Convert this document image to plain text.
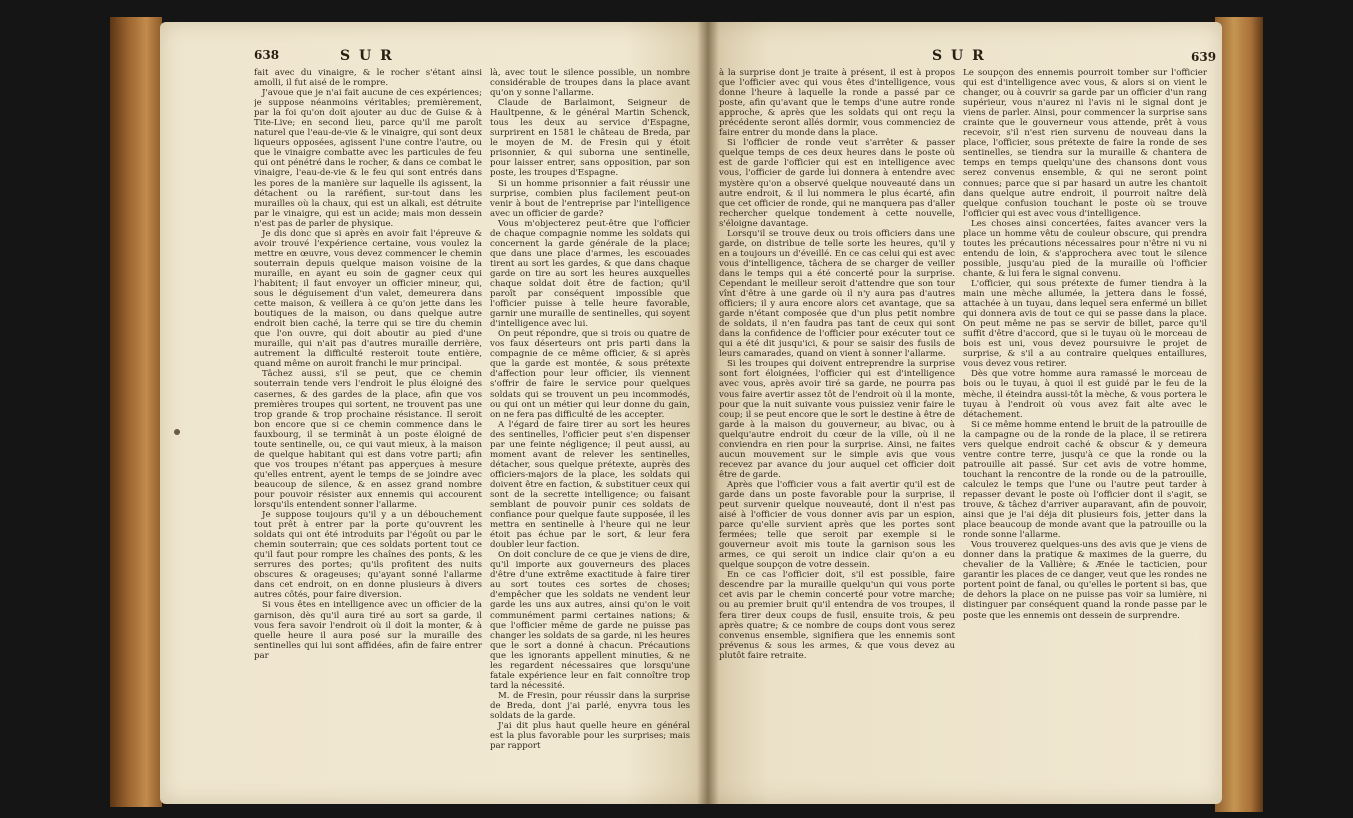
638	S U R

fait avec du vinaigre, & le rocher s'étant ainsi amolli, il fut aisé de le rompre.

J'avoue que je n'ai fait aucune de ces expériences; je suppose néanmoins véritables; premièrement, par la foi qu'on doit ajouter au duc de Guise & à Tite-Live; en second lieu, parce qu'il me paroît naturel que l'eau-de-vie & le vinaigre, qui sont deux liqueurs opposées, agissent l'une contre l'autre, ou que le vinaigre combatte avec les particules de feu qui ont pénétré dans le rocher, & dans ce combat le vinaigre, l'eau-de-vie & le feu qui sont entrés dans les pores de la manière sur laquelle ils agissent, la détachent ou la raréfient, sur-tout dans les murailles où la chaux, qui est un alkali, est détruite par le vinaigre, qui est un acide; mais mon dessein n'est pas de parler de physique.

Je dis donc que si après en avoir fait l'épreuve & avoir trouvé l'expérience certaine, vous voulez la mettre en œuvre, vous devez commencer le chemin souterrain depuis quelque maison voisine de la muraille, en ayant eu soin de gagner ceux qui l'habitent; il faut envoyer un officier mineur, qui, sous le déguisement d'un valet, demeurera dans cette maison, & veillera à ce qu'on jette dans les boutiques de la maison, ou dans quelque autre endroit bien caché, la terre qui se tire du chemin que l'on ouvre, qui doit aboutir au pied d'une muraille, qui n'ait pas d'autres muraille derrière, autrement la difficulté resteroit toute entière, quand même on auroit franchi le mur principal.

Tâchez aussi, s'il se peut, que ce chemin souterrain tende vers l'endroit le plus éloigné des casernes, & des gardes de la place, afin que vos premières troupes qui sortent, ne trouvent pas une trop grande & trop prochaine résistance. Il seroit bon encore que si ce chemin commence dans le fauxbourg, il se terminât à un poste éloigné de toute sentinelle, ou, ce qui vaut mieux, à la maison de quelque habitant qui est dans votre parti; afin que vos troupes n'étant pas apperçues à mesure qu'elles entrent, ayent le temps de se joindre avec beaucoup de silence, & en assez grand nombre pour pouvoir résister aux ennemis qui accourent lorsqu'ils entendent sonner l'allarme.

Je suppose toujours qu'il y a un débouchement tout prêt à entrer par la porte qu'ouvrent les soldats qui ont été introduits par l'égoût ou par le chemin souterrain; que ces soldats portent tout ce qu'il faut pour rompre les chaînes des ponts, & les serrures des portes; qu'ils profitent des nuits obscures & orageuses; qu'ayant sonné l'allarme dans cet endroit, on en donne plusieurs à divers autres côtés, pour faire diversion.

Si vous êtes en intelligence avec un officier de la garnison, dès qu'il aura tiré au sort sa garde, il vous fera savoir l'endroit où il doit la monter, & à quelle heure il aura posé sur la muraille des sentinelles qui lui sont affidées, afin de faire entrer par

là, avec tout le silence possible, un nombre considérable de troupes dans la place avant qu'on y sonne l'allarme.

Claude de Barlaimont, Seigneur de Haultpenne, & le général Martin Schenck, tous les deux au service d'Espagne, surprirent en 1581 le château de Breda, par le moyen de M. de Fresin qui y étoit prisonnier, & qui suborna une sentinelle, pour laisser entrer, sans opposition, par son poste, les troupes d'Espagne.

Si un homme prisonnier a fait réussir une surprise, combien plus facilement peut-on venir à bout de l'entreprise par l'intelligence avec un officier de garde?

Vous m'objecterez peut-être que l'officier de chaque compagnie nomme les soldats qui concernent la garde générale de la place; que dans une place d'armes, les escouades tirent au sort les gardes, & que dans chaque garde on tire au sort les heures auxquelles chaque soldat doit être de faction; qu'il paroît par conséquent impossible que l'officier puisse à telle heure favorable, garnir une muraille de sentinelles, qui soyent d'intelligence avec lui.

On peut répondre, que si trois ou quatre de vos faux déserteurs ont pris parti dans la compagnie de ce même officier, & si après que la garde est montée, & sous prétexte d'affection pour leur officier, ils viennent s'offrir de faire le service pour quelques soldats qui se trouvent un peu incommodés, ou qui ont un métier qui leur donne du gain, on ne fera pas difficulté de les accepter.

A l'égard de faire tirer au sort les heures des sentinelles, l'officier peut s'en dispenser par une feinte négligence; il peut aussi, au moment avant de relever les sentinelles, détacher, sous quelque prétexte, auprès des officiers-majors de la place, les soldats qui doivent être en faction, & substituer ceux qui sont de la secrette intelligence; ou faisant semblant de pouvoir punir ces soldats de confiance pour quelque faute supposée, il les mettra en sentinelle à l'heure qui ne leur étoit pas échue par le sort, & leur fera doubler leur faction.

On doit conclure de ce que je viens de dire, qu'il importe aux gouverneurs des places d'être d'une extrême exactitude à faire tirer au sort toutes ces sortes de choses; d'empêcher que les soldats ne vendent leur garde les uns aux autres, ainsi qu'on le voit communément parmi certaines nations; & que l'officier même de garde ne puisse pas changer les soldats de sa garde, ni les heures que le sort a donné à chacun. Précautions que les ignorants appellent minuties, & ne les regardent nécessaires que lorsqu'une fatale expérience leur en fait connoître trop tard la nécessité.

M. de Fresin, pour réussir dans la surprise de Breda, dont j'ai parlé, enyvra tous les soldats de la garde.

J'ai dit plus haut quelle heure en général est la plus favorable pour les surprises; mais par rapport

S U R	639

à la surprise dont je traite à présent, il est à propos que l'officier avec qui vous êtes d'intelligence, vous donne l'heure à laquelle la ronde a passé par ce poste, afin qu'avant que le temps d'une autre ronde approche, & après que les soldats qui ont reçu la précédente seront allés dormir, vous commenciez de faire entrer du monde dans la place.

Si l'officier de ronde veut s'arrêter & passer quelque temps de ces deux heures dans le poste où est de garde l'officier qui est en intelligence avec vous, l'officier de garde lui donnera à entendre avec mystère qu'on a observé quelque nouveauté dans un autre endroit, & il lui nommera le plus écarté, afin que cet officier de ronde, qui ne manquera pas d'aller rechercher quelque tondement à cette nouvelle, s'éloigne davantage.

Lorsqu'il se trouve deux ou trois officiers dans une garde, on distribue de telle sorte les heures, qu'il y en a toujours un d'éveillé. En ce cas celui qui est avec vous d'intelligence, tâchera de se charger de veiller dans le temps qui a été concerté pour la surprise. Cependant le meilleur seroit d'attendre que son tour vînt d'être à une garde où il n'y aura pas d'autres officiers; il y aura encore alors cet avantage, que sa garde n'étant composée que d'un plus petit nombre de soldats, il n'en faudra pas tant de ceux qui sont dans la confidence de l'officier pour exécuter tout ce qui a été dit jusqu'ici, & pour se saisir des fusils de leurs camarades, quand on vient à sonner l'allarme.

Si les troupes qui doivent entreprendre la surprise sont fort éloignées, l'officier qui est d'intelligence avec vous, après avoir tiré sa garde, ne pourra pas vous faire avertir assez tôt de l'endroit où il la monte, pour que la nuit suivante vous puissiez venir faire le coup; il se peut encore que le sort le destine à être de garde à la maison du gouverneur, au bivac, ou à quelqu'autre endroit du cœur de la ville, où il ne conviendra en rien pour la surprise. Ainsi, ne faites aucun mouvement sur le simple avis que vous recevez par avance du jour auquel cet officier doit être de garde.

Après que l'officier vous a fait avertir qu'il est de garde dans un poste favorable pour la surprise, il peut survenir quelque nouveauté, dont il n'est pas aisé à l'officier de vous donner avis par un espion, parce qu'elle survient après que les portes sont fermées; telle que seroit par exemple si le gouverneur avoit mis toute la garnison sous les armes, ce qui seroit un indice clair qu'on a eu quelque soupçon de votre dessein.

En ce cas l'officier doit, s'il est possible, faire descendre par la muraille quelqu'un qui vous porte cet avis par le chemin concerté pour votre marche; ou au premier bruit qu'il entendra de vos troupes, il fera tirer deux coups de fusil, ensuite trois, & peu après quatre; & ce nombre de coups dont vous serez convenus ensemble, signifiera que les ennemis sont prévenus & sous les armes, & que vous devez au plutôt faire retraite.

Le soupçon des ennemis pourroit tomber sur l'officier qui est d'intelligence avec vous, & alors si on vient le changer, ou à couvrir sa garde par un officier d'un rang supérieur, vous n'aurez ni l'avis ni le signal dont je viens de parler. Ainsi, pour commencer la surprise sans crainte que le gouverneur vous attende, prêt à vous recevoir, s'il n'est rien survenu de nouveau dans la place, l'officier, sous prétexte de faire la ronde de ses sentinelles, se tiendra sur la muraille & chantera de temps en temps quelqu'une des chansons dont vous serez convenus ensemble, & qui ne seront point connues; parce que si par hasard un autre les chantoit dans quelque autre endroit, il pourroit naître delà quelque confusion touchant le poste où se trouve l'officier qui est avec vous d'intelligence.

Les choses ainsi concertées, faites avancer vers la place un homme vêtu de couleur obscure, qui prendra toutes les précautions nécessaires pour n'être ni vu ni entendu de loin, & s'approchera avec tout le silence possible, jusqu'au pied de la muraille où l'officier chante, & lui fera le signal convenu.

L'officier, qui sous prétexte de fumer tiendra à la main une mèche allumée, la jettera dans le fossé, attachée à un tuyau, dans lequel sera enfermé un billet qui donnera avis de tout ce qui se passe dans la place. On peut même ne pas se servir de billet, parce qu'il suffit d'être d'accord, que si le tuyau où le morceau de bois est uni, vous devez poursuivre le projet de surprise, & s'il a au contraire quelques entaillures, vous devez vous retirer.

Dès que votre homme aura ramassé le morceau de bois ou le tuyau, à quoi il est guidé par le feu de la mèche, il éteindra aussi-tôt la mèche, & vous portera le tuyau à l'endroit où vous avez fait alte avec le détachement.

Si ce même homme entend le bruit de la patrouille de la campagne ou de la ronde de la place, il se retirera vers quelque endroit caché & obscur & y demeura ventre contre terre, jusqu'à ce que la ronde ou la patrouille ait passé. Sur cet avis de votre homme, touchant la rencontre de la ronde ou de la patrouille, calculez le temps que l'une ou l'autre peut tarder à repasser devant le poste où l'officier dont il s'agit, se trouve, & tâchez d'arriver auparavant, afin de pouvoir, ainsi que je l'ai déja dit plusieurs fois, jetter dans la place beaucoup de monde avant que la patrouille ou la ronde sonne l'allarme.

Vous trouverez quelques-uns des avis que je viens de donner dans la pratique & maximes de la guerre, du chevalier de la Vallière; & Ænée le tacticien, pour garantir les places de ce danger, veut que les rondes ne portent point de fanal, ou qu'elles le portent si bas, que de dehors la place on ne puisse pas voir sa lumière, ni distinguer par conséquent quand la ronde passe par le poste que les ennemis ont dessein de surprendre.
